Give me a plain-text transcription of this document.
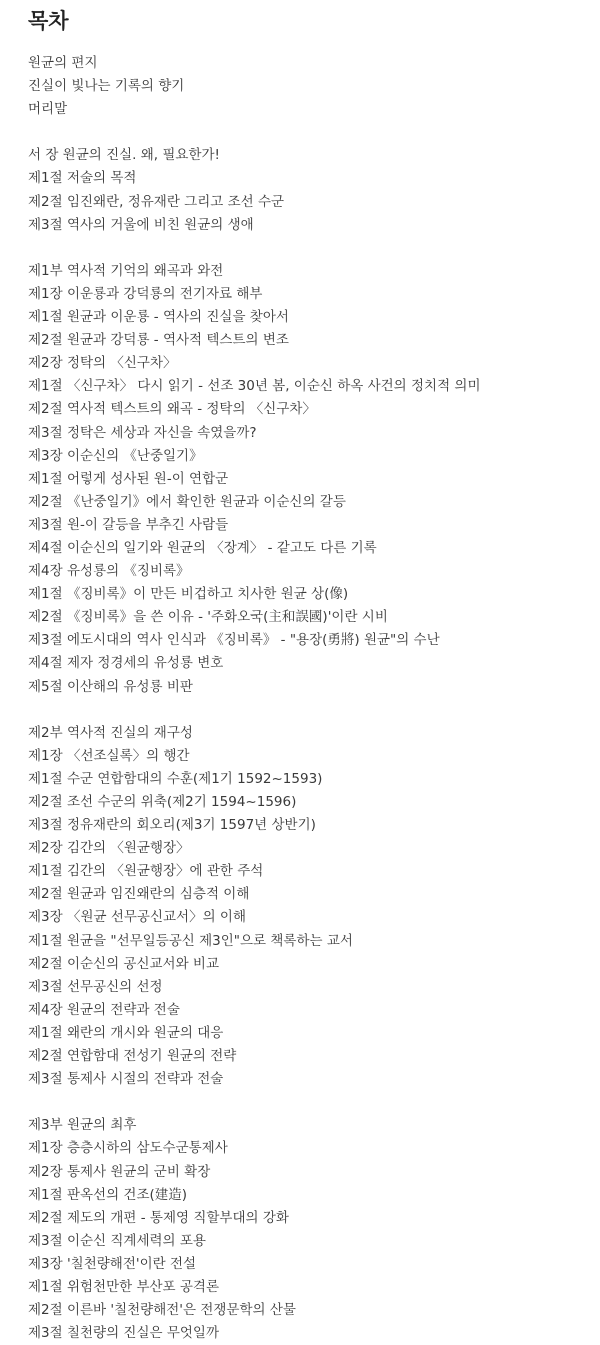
목차
원균의 편지
진실이 빛나는 기록의 향기
머리말
서 장 원균의 진실. 왜, 필요한가!
제1절 저술의 목적
제2절 임진왜란, 정유재란 그리고 조선 수군
제3절 역사의 거울에 비친 원균의 생애
제1부 역사적 기억의 왜곡과 와전
제1장 이운룡과 강덕룡의 전기자료 해부
제1절 원균과 이운룡 - 역사의 진실을 찾아서
제2절 원균과 강덕룡 - 역사적 텍스트의 변조
제2장 정탁의 〈신구차〉
제1절 〈신구차〉 다시 읽기 - 선조 30년 봄, 이순신 하옥 사건의 정치적 의미
제2절 역사적 텍스트의 왜곡 - 정탁의 〈신구차〉
제3절 정탁은 세상과 자신을 속였을까?
제3장 이순신의 《난중일기》
제1절 어렇게 성사된 원-이 연합군
제2절 《난중일기》에서 확인한 원균과 이순신의 갈등
제3절 원-이 갈등을 부추긴 사람들
제4절 이순신의 일기와 원균의 〈장계〉 - 같고도 다른 기록
제4장 유성룡의 《징비록》
제1절 《징비록》이 만든 비겁하고 치사한 원균 상(像)
제2절 《징비록》을 쓴 이유 - '주화오국(主和誤國)'이란 시비
제3절 에도시대의 역사 인식과 《징비록》 - "용장(勇將) 원균"의 수난
제4절 제자 정경세의 유성룡 변호
제5절 이산해의 유성룡 비판
제2부 역사적 진실의 재구성
제1장 〈선조실록〉의 행간
제1절 수군 연합함대의 수훈(제1기 1592~1593)
제2절 조선 수군의 위축(제2기 1594~1596)
제3절 정유재란의 회오리(제3기 1597년 상반기)
제2장 김간의 〈원균행장〉
제1절 김간의 〈원균행장〉에 관한 주석
제2절 원균과 임진왜란의 심층적 이해
제3장 〈원균 선무공신교서〉의 이해
제1절 원균을 "선무일등공신 제3인"으로 책록하는 교서
제2절 이순신의 공신교서와 비교
제3절 선무공신의 선정
제4장 원균의 전략과 전술
제1절 왜란의 개시와 원균의 대응
제2절 연합함대 전성기 원균의 전략
제3절 통제사 시절의 전략과 전술
제3부 원균의 최후
제1장 층층시하의 삼도수군통제사
제2장 통제사 원균의 군비 확장
제1절 판옥선의 건조(建造)
제2절 제도의 개편 - 통제영 직할부대의 강화
제3절 이순신 직계세력의 포용
제3장 '칠천량해전'이란 전설
제1절 위험천만한 부산포 공격론
제2절 이른바 '칠천량해전'은 전쟁문학의 산물
제3절 칠천량의 진실은 무엇일까
